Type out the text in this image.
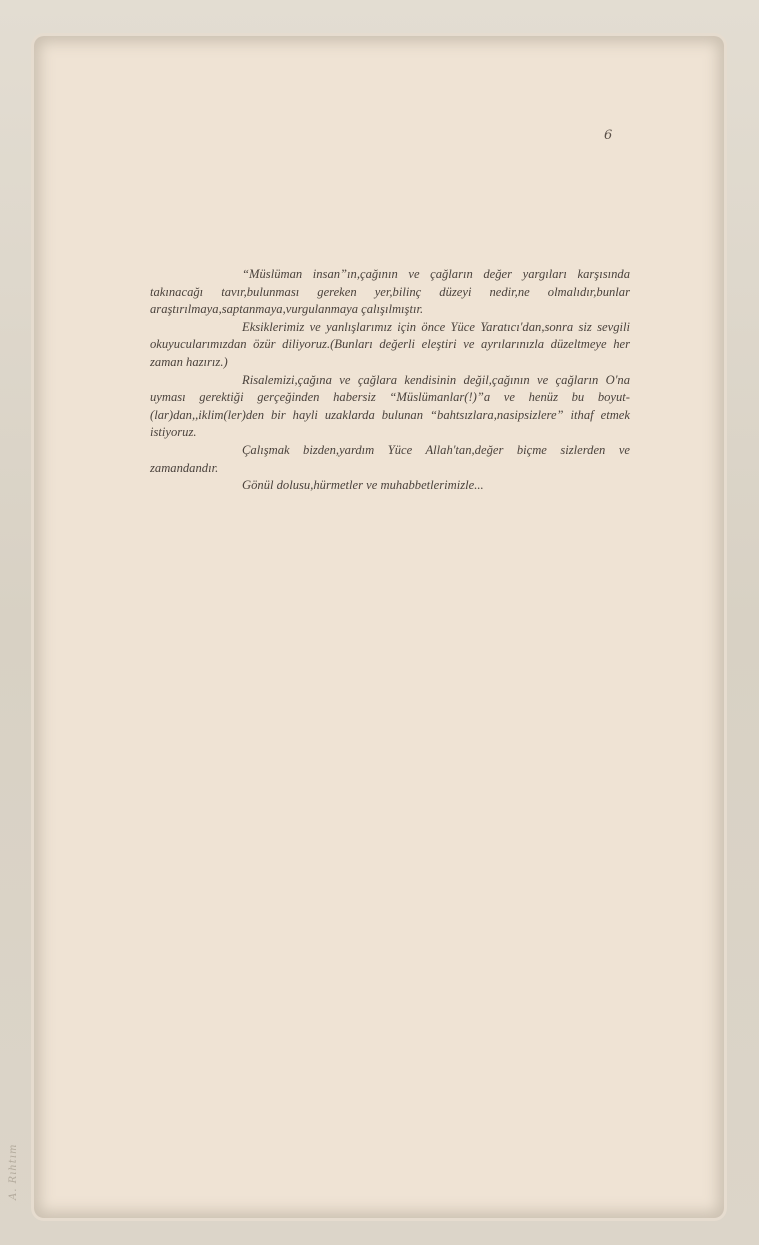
6

“Müslüman insan”ın,çağının ve çağların değer yargıları karşısında takınacağı tavır,bulunması gereken yer,bilinç düzeyi nedir,ne olmalıdır,bunlar araştırılmaya,saptanmaya,vurgulanmaya çalışılmıştır.

Eksiklerimiz ve yanlışlarımız için önce Yüce Yaratıcı'dan,sonra siz sevgili okuyucularımızdan özür diliyoruz.(Bunları değerli eleştiri ve ayrılarınızla düzeltmeye her zaman hazırız.)

Risalemizi,çağına ve çağlara kendisinin değil,çağının ve çağların O'na uyması gerektiği gerçeğinden habersiz “Müslümanlar(!)”a ve henüz bu boyut-(lar)dan,,iklim(ler)den bir hayli uzaklarda bulunan “bahtsızlara,nasipsizlere” ithaf etmek istiyoruz.

Çalışmak bizden,yardım Yüce Allah'tan,değer biçme sizlerden ve zamandandır.

Gönül dolusu,hürmetler ve muhabbetlerimizle...

A. Rıhtım
